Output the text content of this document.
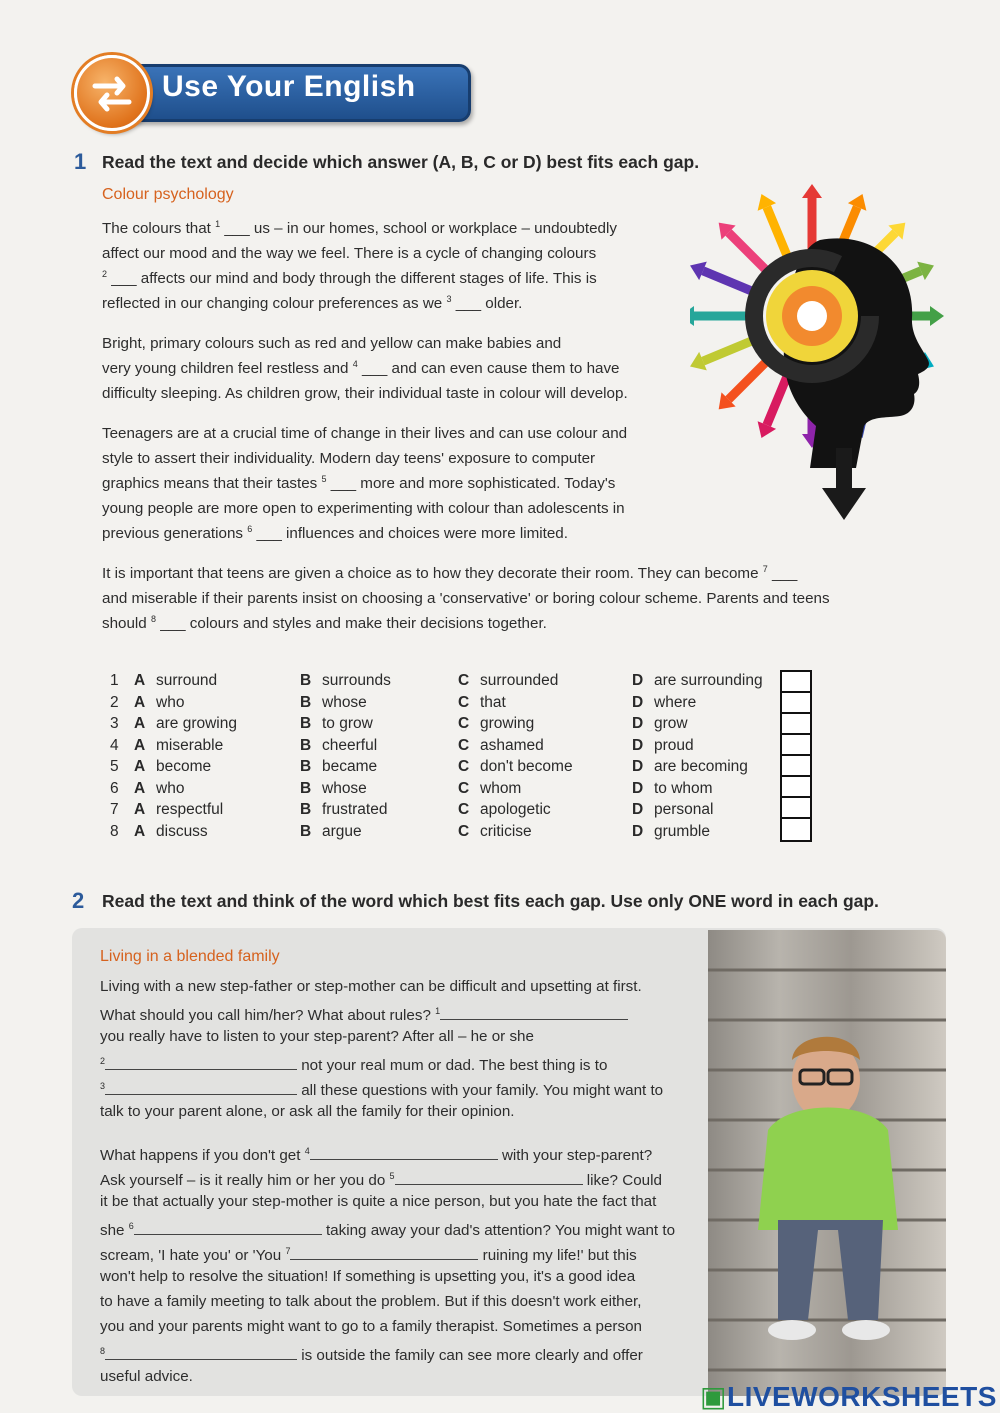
Use Your English
1 Read the text and decide which answer (A, B, C or D) best fits each gap.
Colour psychology
The colours that $^1$ ___ us – in our homes, school or workplace – undoubtedly
affect our mood and the way we feel. There is a cycle of changing colours
$^2$ ___ affects our mind and body through the different stages of life. This is
reflected in our changing colour preferences as we $^3$ ___ older.
Bright, primary colours such as red and yellow can make babies and
very young children feel restless and $^4$ ___ and can even cause them to have
difficulty sleeping. As children grow, their individual taste in colour will develop.
Teenagers are at a crucial time of change in their lives and can use colour and
style to assert their individuality. Modern day teens' exposure to computer
graphics means that their tastes $^5$ ___ more and more sophisticated. Today's
young people are more open to experimenting with colour than adolescents in
previous generations $^6$ ___ influences and choices were more limited.
It is important that teens are given a choice as to how they decorate their room. They can become $^7$ ___
and miserable if their parents insist on choosing a 'conservative' or boring colour scheme. Parents and teens
should $^8$ ___ colours and styles and make their decisions together.
1 A surround	B surrounds	C surrounded	D are surrounding
2 A who	B whose	C that	D where
3 A are growing	B to grow	C growing	D grow
4 A miserable	B cheerful	C ashamed	D proud
5 A become	B became	C don't become	D are becoming
6 A who	B whose	C whom	D to whom
7 A respectful	B frustrated	C apologetic	D personal
8 A discuss	B argue	C criticise	D grumble
2 Read the text and think of the word which best fits each gap. Use only ONE word in each gap.
Living in a blended family
Living with a new step-father or step-mother can be difficult and upsetting at first.
What should you call him/her? What about rules? $^1$
you really have to listen to your step-parent? After all – he or she
$^2$	not your real mum or dad. The best thing is to
$^3$	all these questions with your family. You might want to
talk to your parent alone, or ask all the family for their opinion.
What happens if you don't get $^4$	with your step-parent?
Ask yourself – is it really him or her you do $^5$	like? Could
it be that actually your step-mother is quite a nice person, but you hate the fact that
she $^6$	taking away your dad's attention? You might want to
scream, 'I hate you' or 'You $^7$	ruining my life!' but this
won't help to resolve the situation! If something is upsetting you, it's a good idea
to have a family meeting to talk about the problem. But if this doesn't work either,
you and your parents might want to go to a family therapist. Sometimes a person
$^8$	is outside the family can see more clearly and offer
useful advice.
▣LIVEWORKSHEETS
